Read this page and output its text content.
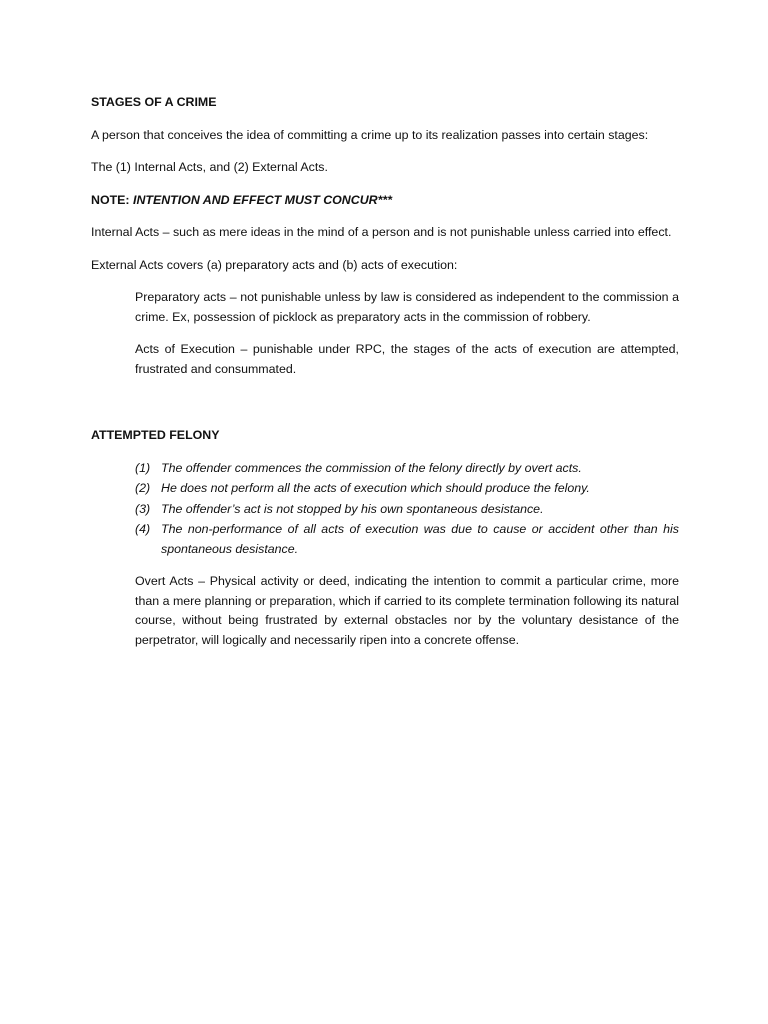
STAGES OF A CRIME

A person that conceives the idea of committing a crime up to its realization passes into certain stages:

The (1) Internal Acts, and (2) External Acts.

NOTE: INTENTION AND EFFECT MUST CONCUR***

Internal Acts – such as mere ideas in the mind of a person and is not punishable unless carried into effect.

External Acts covers (a) preparatory acts and (b) acts of execution:

Preparatory acts – not punishable unless by law is considered as independent to the commission a crime. Ex, possession of picklock as preparatory acts in the commission of robbery.

Acts of Execution – punishable under RPC, the stages of the acts of execution are attempted, frustrated and consummated.

ATTEMPTED FELONY

(1) The offender commences the commission of the felony directly by overt acts.
(2) He does not perform all the acts of execution which should produce the felony.
(3) The offender’s act is not stopped by his own spontaneous desistance.
(4) The non-performance of all acts of execution was due to cause or accident other than his spontaneous desistance.

Overt Acts – Physical activity or deed, indicating the intention to commit a particular crime, more than a mere planning or preparation, which if carried to its complete termination following its natural course, without being frustrated by external obstacles nor by the voluntary desistance of the perpetrator, will logically and necessarily ripen into a concrete offense.
